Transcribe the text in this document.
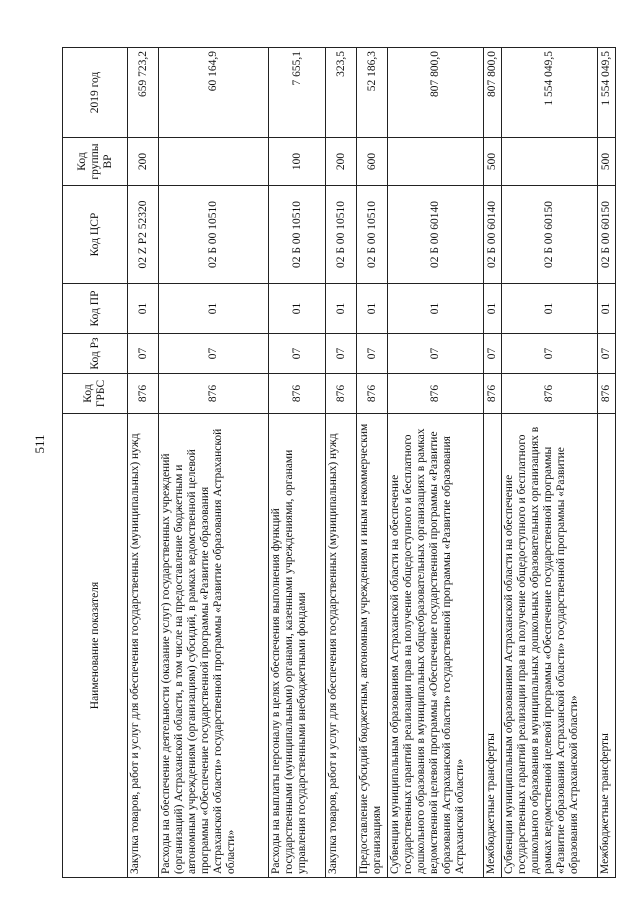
511
Наименование показателя	Код ГРБС	Код Рз	Код ПР	Код ЦСР	Код группы ВР	2019 год
Закупка товаров, работ и услуг для обеспечения государственных (муниципальных) нужд	876	07	01	02 Z P2 52320	200	659 723,2
Расходы на обеспечение деятельности (оказание услуг) государственных учреждений (организаций) Астраханской области, в том числе на предоставление бюджетным и автономным учреждениям (организациям) субсидий, в рамках ведомственной целевой программы «Обеспечение государственной программы «Развитие образования Астраханской области» государственной программы «Развитие образования Астраханской области»	876	07	01	02 Б 00 10510		60 164,9
Расходы на выплаты персоналу в целях обеспечения выполнения функций государственными (муниципальными) органами, казенными учреждениями, органами управления государственными внебюджетными фондами	876	07	01	02 Б 00 10510	100	7 655,1
Закупка товаров, работ и услуг для обеспечения государственных (муниципальных) нужд	876	07	01	02 Б 00 10510	200	323,5
Предоставление субсидий бюджетным, автономным учреждениям и иным некоммерческим организациям	876	07	01	02 Б 00 10510	600	52 186,3
Субвенции муниципальным образованиям Астраханской области на обеспечение государственных гарантий реализации прав на получение общедоступного и бесплатного дошкольного образования в муниципальных общеобразовательных организациях в рамках ведомственной целевой программы «Обеспечение государственной программы «Развитие образования Астраханской области» государственной программы «Развитие образования Астраханской области»	876	07	01	02 Б 00 60140		807 800,0
Межбюджетные трансферты	876	07	01	02 Б 00 60140	500	807 800,0
Субвенции муниципальным образованиям Астраханской области на обеспечение государственных гарантий реализации прав на получение общедоступного и бесплатного дошкольного образования в муниципальных дошкольных образовательных организациях в рамках ведомственной целевой программы «Обеспечение государственной программы «Развитие образования Астраханской области» государственной программы «Развитие образования Астраханской области»	876	07	01	02 Б 00 60150		1 554 049,5
Межбюджетные трансферты	876	07	01	02 Б 00 60150	500	1 554 049,5
